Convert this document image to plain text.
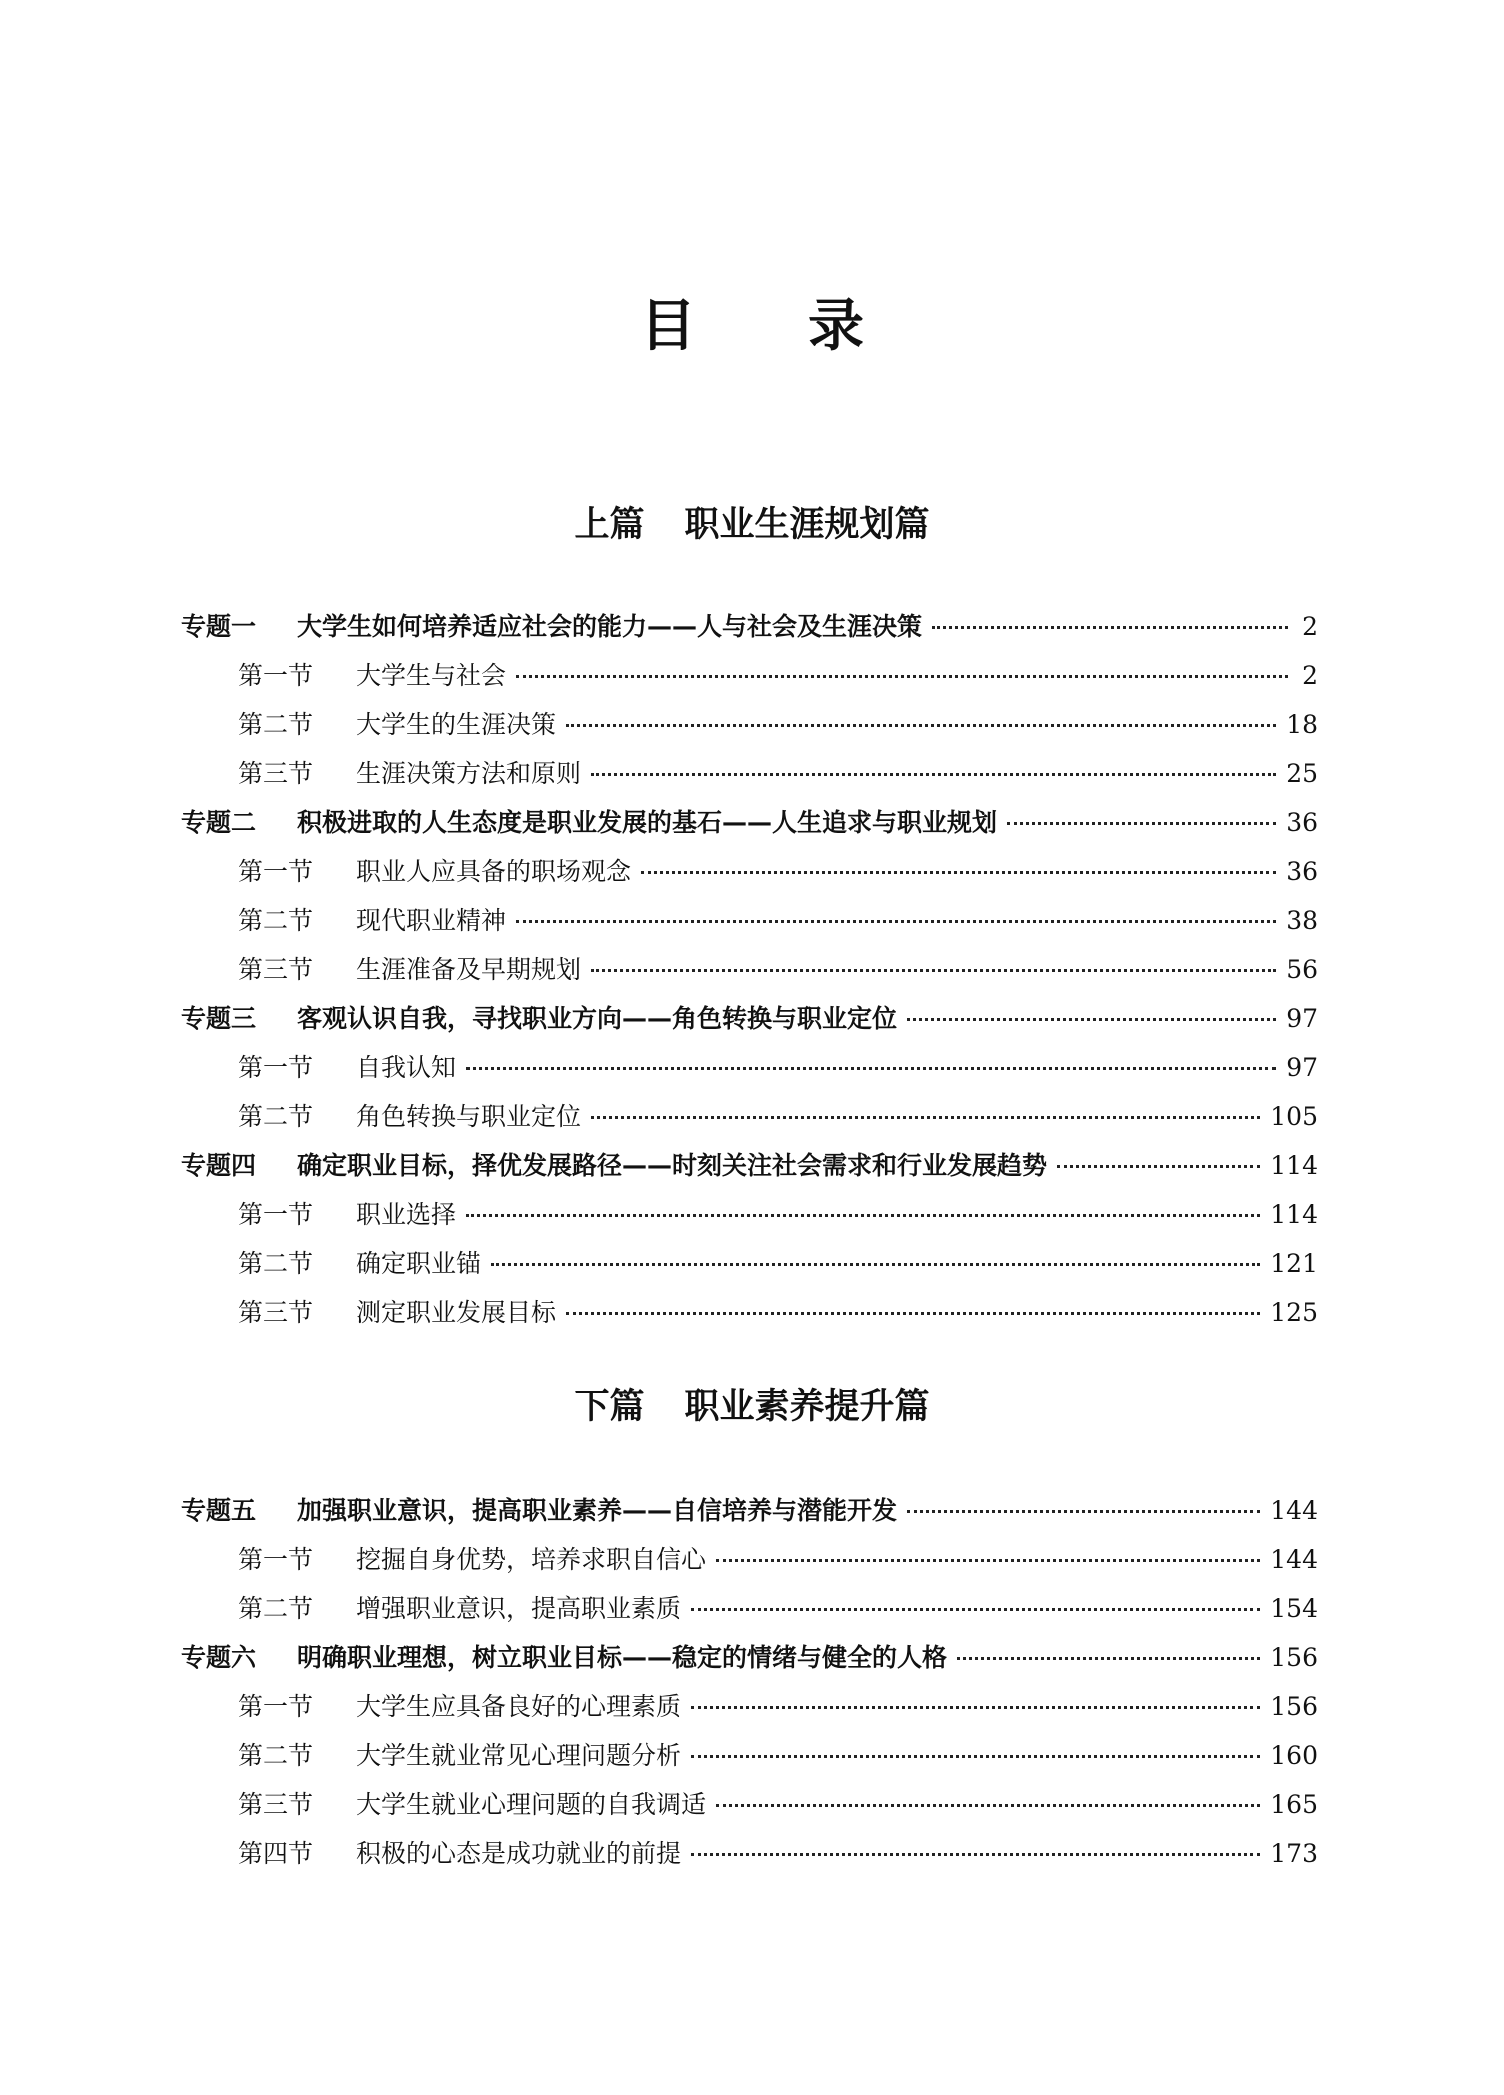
目 录
上篇 职业生涯规划篇
专题一	大学生如何培养适应社会的能力——人与社会及生涯决策	2
第一节	大学生与社会	2
第二节	大学生的生涯决策	18
第三节	生涯决策方法和原则	25
专题二	积极进取的人生态度是职业发展的基石——人生追求与职业规划	36
第一节	职业人应具备的职场观念	36
第二节	现代职业精神	38
第三节	生涯准备及早期规划	56
专题三	客观认识自我，寻找职业方向——角色转换与职业定位	97
第一节	自我认知	97
第二节	角色转换与职业定位	105
专题四	确定职业目标，择优发展路径——时刻关注社会需求和行业发展趋势	114
第一节	职业选择	114
第二节	确定职业锚	121
第三节	测定职业发展目标	125
下篇 职业素养提升篇
专题五	加强职业意识，提高职业素养——自信培养与潜能开发	144
第一节	挖掘自身优势，培养求职自信心	144
第二节	增强职业意识，提高职业素质	154
专题六	明确职业理想，树立职业目标——稳定的情绪与健全的人格	156
第一节	大学生应具备良好的心理素质	156
第二节	大学生就业常见心理问题分析	160
第三节	大学生就业心理问题的自我调适	165
第四节	积极的心态是成功就业的前提	173
